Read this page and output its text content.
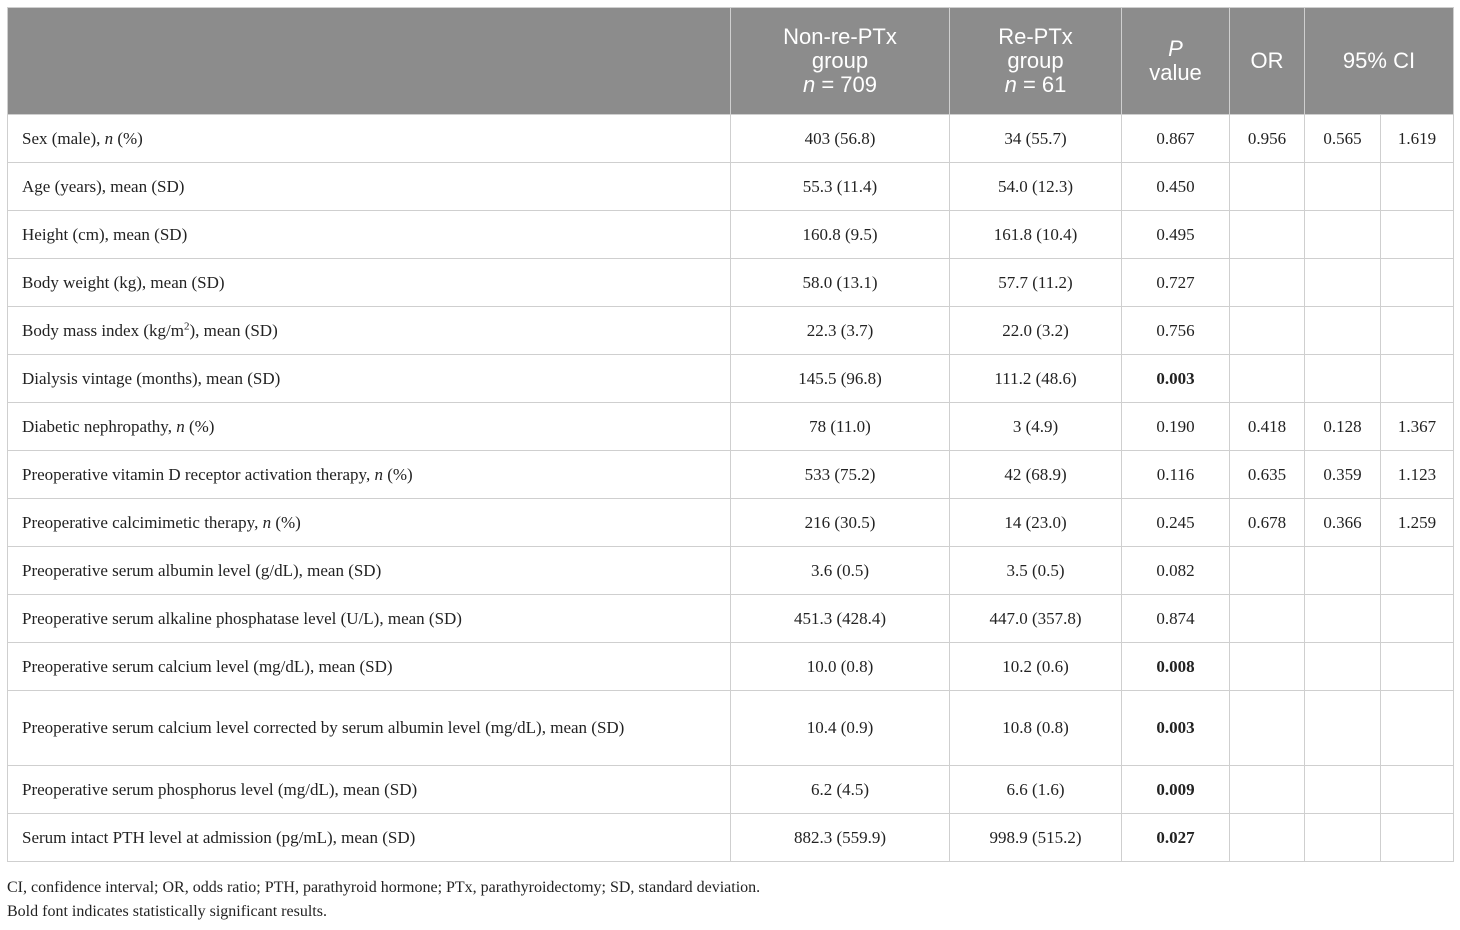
	Non-re-PTx
group
n = 709	Re-PTx
group
n = 61	P
value	OR	95% CI	
Sex (male), n (%)	403 (56.8)	34 (55.7)	0.867	0.956	0.565	1.619
Age (years), mean (SD)	55.3 (11.4)	54.0 (12.3)	0.450			
Height (cm), mean (SD)	160.8 (9.5)	161.8 (10.4)	0.495			
Body weight (kg), mean (SD)	58.0 (13.1)	57.7 (11.2)	0.727			
Body mass index $(kg/m^2)$, mean (SD)	22.3 (3.7)	22.0 (3.2)	0.756			
Dialysis vintage (months), mean (SD)	145.5 (96.8)	111.2 (48.6)	0.003			
Diabetic nephropathy, n (%)	78 (11.0)	3 (4.9)	0.190	0.418	0.128	1.367
Preoperative vitamin D receptor activation therapy, n (%)	533 (75.2)	42 (68.9)	0.116	0.635	0.359	1.123
Preoperative calcimimetic therapy, n (%)	216 (30.5)	14 (23.0)	0.245	0.678	0.366	1.259
Preoperative serum albumin level (g/dL), mean (SD)	3.6 (0.5)	3.5 (0.5)	0.082			
Preoperative serum alkaline phosphatase level (U/L), mean (SD)	451.3 (428.4)	447.0 (357.8)	0.874			
Preoperative serum calcium level (mg/dL), mean (SD)	10.0 (0.8)	10.2 (0.6)	0.008			
Preoperative serum calcium level corrected by serum albumin level (mg/dL), mean (SD)	10.4 (0.9)	10.8 (0.8)	0.003			
Preoperative serum phosphorus level (mg/dL), mean (SD)	6.2 (4.5)	6.6 (1.6)	0.009			
Serum intact PTH level at admission (pg/mL), mean (SD)	882.3 (559.9)	998.9 (515.2)	0.027			
CI, confidence interval; OR, odds ratio; PTH, parathyroid hormone; PTx, parathyroidectomy; SD, standard deviation.
Bold font indicates statistically significant results.
